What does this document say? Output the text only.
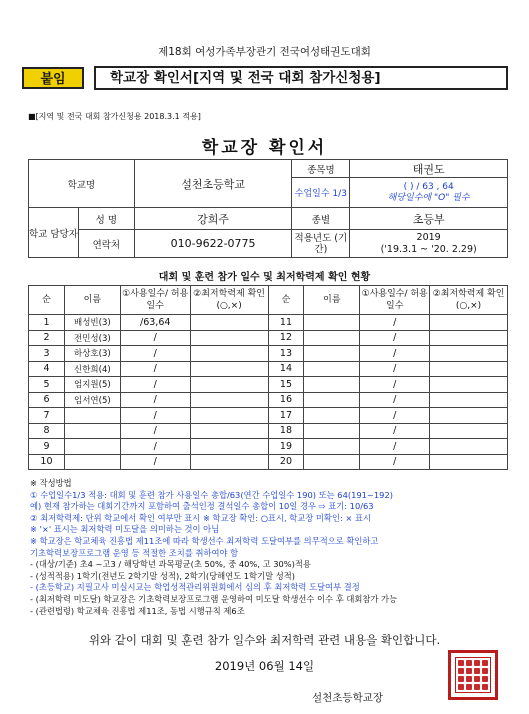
제18회 여성가족부장관기 전국여성태권도대회
붙임	학교장 확인서[지역 및 전국 대회 참가신청용]
■[지역 및 전국 대회 참가신청용 2018.3.1 적용]
학교장 확인서
학교명		설천초등학교	종목명	태권도
			수업일수 1/3	( ) / 63 , 64
해당일수에 "O" 필수

학교 담당자	성 명	강희주	종별	초등부
	연락처	010-9622-0775	적용년도 (기간)	2019
('19.3.1 ~ '20. 2.29)
대회 및 훈련 참가 일수 및 최저학력제 확인 현황
순	이름	①사용일수/ 허용일수	②최저학력제 확인(○,×)	순	이름	①사용일수/ 허용일수	②최저학력제 확인(○,×)
1	배성빈(3)	/63,64		11		/	
2	전민성(3)	/		12		/	
3	하상호(3)	/		13		/	
4	신한희(4)	/		14		/	
5	엄지원(5)	/		15		/	
6	임서연(5)	/		16		/	
7		/		17		/	
8		/		18		/	
9		/		19		/	
10		/		20		/	
※ 작성방법
① 수업일수1/3 적용: 대회 및 훈련 참가 사용일수 총합/63(연간 수업일수 190) 또는 64(191~192)
예) 현재 참가하는 대회기간까지 포함하여 출석인정 결석일수 총합이 10일 경우 ⇨ 표기: 10/63
② 최저학력제: 단위 학교에서 확인 여부만 표시 ※ 학교장 확인: ○표시, 학교장 미확인: × 표시
※ '×' 표시는 최저학력 미도달을 의미하는 것이 아님
※ 학교장은 학교체육 진흥법 제11조에 따라 학생선수 최저학력 도달여부를 의무적으로 확인하고
기초학력보장프로그램 운영 등 적절한 조치를 취하여야 함
- (대상/기준) 초4 ~고3 / 해당학년 과목평균(초 50%, 중 40%, 고 30%)적용
- (성적적용) 1학기(전년도 2학기말 성적), 2학기(당해연도 1학기말 성적)
- (초등학교) 지필고사 미실시교는 학업성적관리위원회에서 심의 후 최저학력 도달여부 결정
- (최저학력 미도달) 학교장은 기초학력보장프로그램 운영하여 미도달 학생선수 이수 후 대회참가 가능
- (관련법령) 학교체육 진흥법 제11조, 동법 시행규칙 제6조
위와 같이 대회 및 훈련 참가 일수와 최저학력 관련 내용을 확인합니다.
2019년 06월 14일
설천초등학교장
